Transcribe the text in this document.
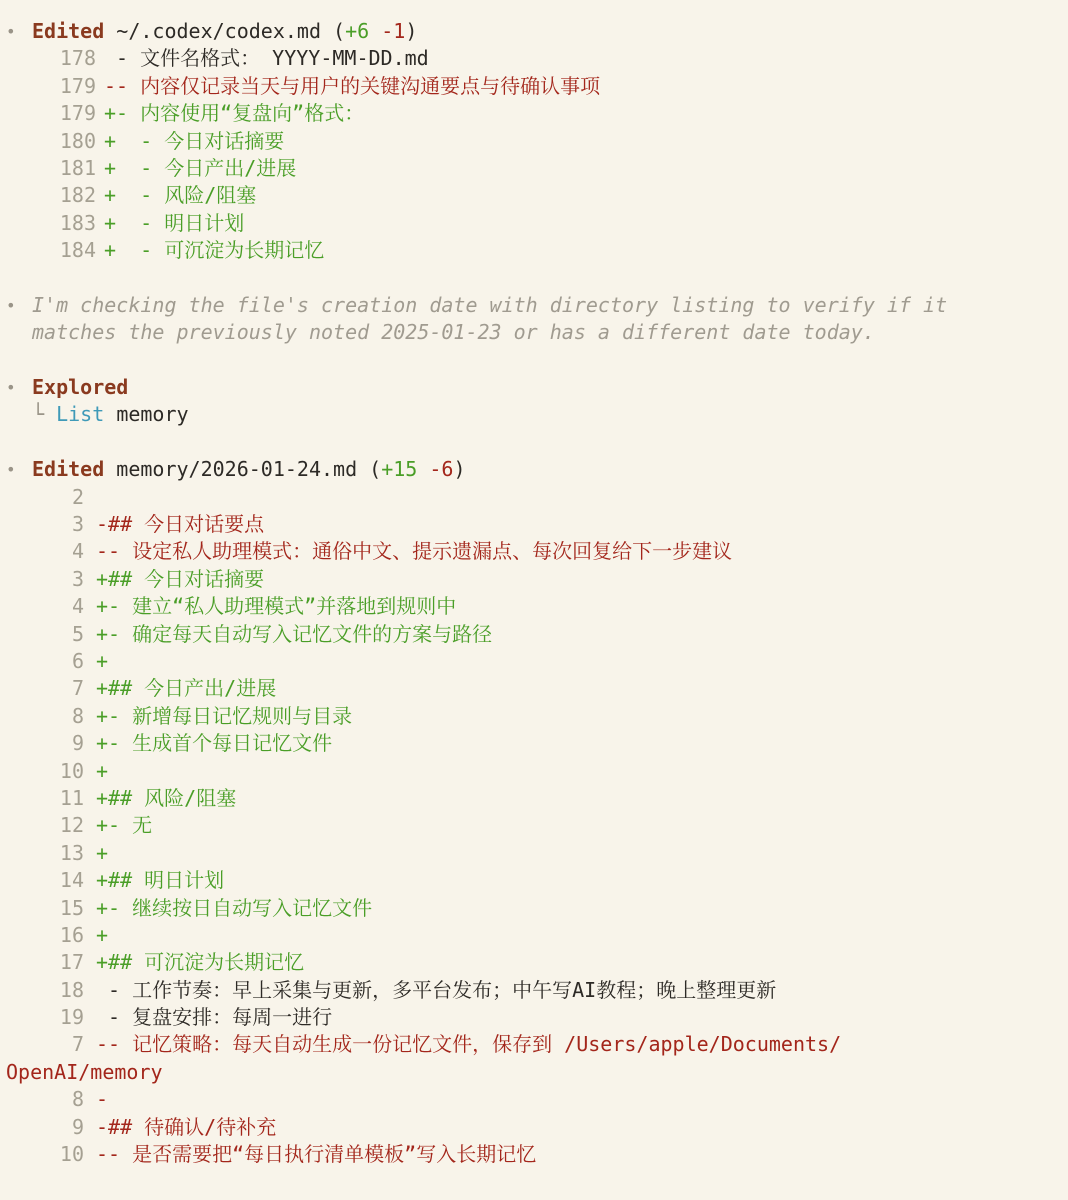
•

Edited ~/.codex/codex.md (+6 -1)

178 - 文件名格式： YYYY-MM-DD.md
179 -- 内容仅记录当天与用户的关键沟通要点与待确认事项
179 +- 内容使用“复盘向”格式：
180 +  - 今日对话摘要
181 +  - 今日产出/进展
182 +  - 风险/阻塞
183 +  - 明日计划
184 +  - 可沉淀为长期记忆

•

I'm checking the file's creation date with directory listing to verify if it

matches the previously noted 2025-01-23 or has a different date today.

•

Explored

└ List memory

•

Edited memory/2026-01-24.md (+15 -6)

2
3 -## 今日对话要点
4 -- 设定私人助理模式：通俗中文、提示遗漏点、每次回复给下一步建议
3 +## 今日对话摘要
4 +- 建立“私人助理模式”并落地到规则中
5 +- 确定每天自动写入记忆文件的方案与路径
6 +
7 +## 今日产出/进展
8 +- 新增每日记忆规则与目录
9 +- 生成首个每日记忆文件
10 +
11 +## 风险/阻塞
12 +- 无
13 +
14 +## 明日计划
15 +- 继续按日自动写入记忆文件
16 +
17 +## 可沉淀为长期记忆
18 - 工作节奏：早上采集与更新，多平台发布；中午写AI教程；晚上整理更新
19 - 复盘安排：每周一进行
7 -- 记忆策略：每天自动生成一份记忆文件，保存到 /Users/apple/Documents/
OpenAI/memory
8 -
9 -## 待确认/待补充
10 -- 是否需要把“每日执行清单模板”写入长期记忆
